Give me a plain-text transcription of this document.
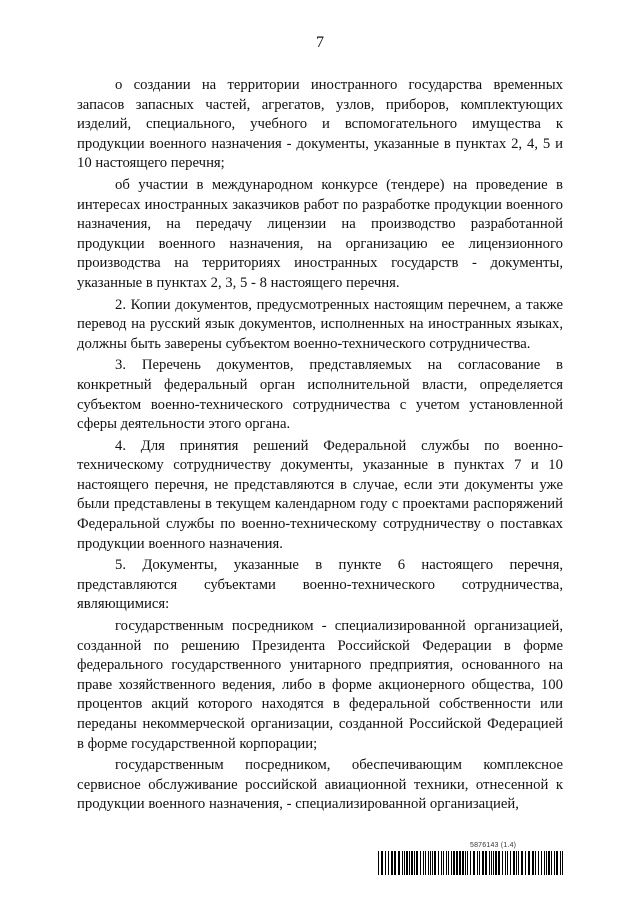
7

о создании на территории иностранного государства временных запасов запасных частей, агрегатов, узлов, приборов, комплектующих изделий, специального, учебного и вспомогательного имущества к продукции военного назначения - документы, указанные в пунктах 2, 4, 5 и 10 настоящего перечня;

об участии в международном конкурсе (тендере) на проведение в интересах иностранных заказчиков работ по разработке продукции военного назначения, на передачу лицензии на производство разработанной продукции военного назначения, на организацию ее лицензионного производства на территориях иностранных государств - документы, указанные в пунктах 2, 3, 5 - 8 настоящего перечня.

2. Копии документов, предусмотренных настоящим перечнем, а также перевод на русский язык документов, исполненных на иностранных языках, должны быть заверены субъектом военно-технического сотрудничества.

3. Перечень документов, представляемых на согласование в конкретный федеральный орган исполнительной власти, определяется субъектом военно-технического сотрудничества с учетом установленной сферы деятельности этого органа.

4. Для принятия решений Федеральной службы по военно-техническому сотрудничеству документы, указанные в пунктах 7 и 10 настоящего перечня, не представляются в случае, если эти документы уже были представлены в текущем календарном году с проектами распоряжений Федеральной службы по военно-техническому сотрудничеству о поставках продукции военного назначения.

5. Документы, указанные в пункте 6 настоящего перечня, представляются субъектами военно-технического сотрудничества, являющимися:

государственным посредником - специализированной организацией, созданной по решению Президента Российской Федерации в форме федерального государственного унитарного предприятия, основанного на праве хозяйственного ведения, либо в форме акционерного общества, 100 процентов акций которого находятся в федеральной собственности или переданы некоммерческой организации, созданной Российской Федерацией в форме государственной корпорации;

государственным посредником, обеспечивающим комплексное сервисное обслуживание российской авиационной техники, отнесенной к продукции военного назначения, - специализированной организацией,

5876143 (1.4)
